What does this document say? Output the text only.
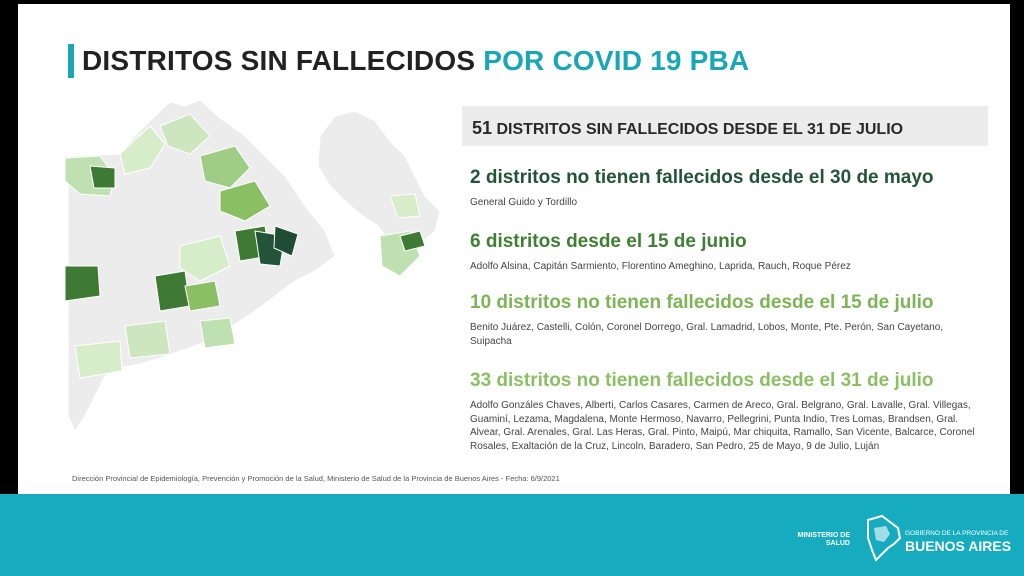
DISTRITOS SIN FALLECIDOS POR COVID 19 PBA
51 DISTRITOS SIN FALLECIDOS DESDE EL 31 DE JULIO
2 distritos no tienen fallecidos desde el 30 de mayo

General Guido y Tordillo

6 distritos desde el 15 de junio

Adolfo Alsina, Capitán Sarmiento, Florentino Ameghino, Laprida, Rauch, Roque Pérez

10 distritos no tienen fallecidos desde el 15 de julio

Benito Juárez, Castelli, Colón, Coronel Dorrego, Gral. Lamadrid, Lobos, Monte, Pte. Perón, San Cayetano, Suipacha

33 distritos no tienen fallecidos desde el 31 de julio

Adolfo Gonzáles Chaves, Alberti, Carlos Casares, Carmen de Areco, Gral. Belgrano, Gral. Lavalle, Gral. Villegas, Guaminí, Lezama, Magdalena, Monte Hermoso, Navarro, Pellegrini, Punta Indio, Tres Lomas, Brandsen, Gral. Alvear, Gral. Arenales, Gral. Las Heras, Gral. Pinto, Maipú, Mar chiquita, Ramallo, San Vicente, Balcarce, Coronel Rosales, Exaltación de la Cruz, Lincoln, Baradero, San Pedro, 25 de Mayo, 9 de Julio, Luján

Dirección Provincial de Epidemiología, Prevención y Promoción de la Salud, Ministerio de Salud de la Provincia de Buenos Aires - Fecha: 6/9/2021
MINISTERIO DE SALUD
GOBIERNO DE LA PROVINCIA DE
BUENOS AIRES
